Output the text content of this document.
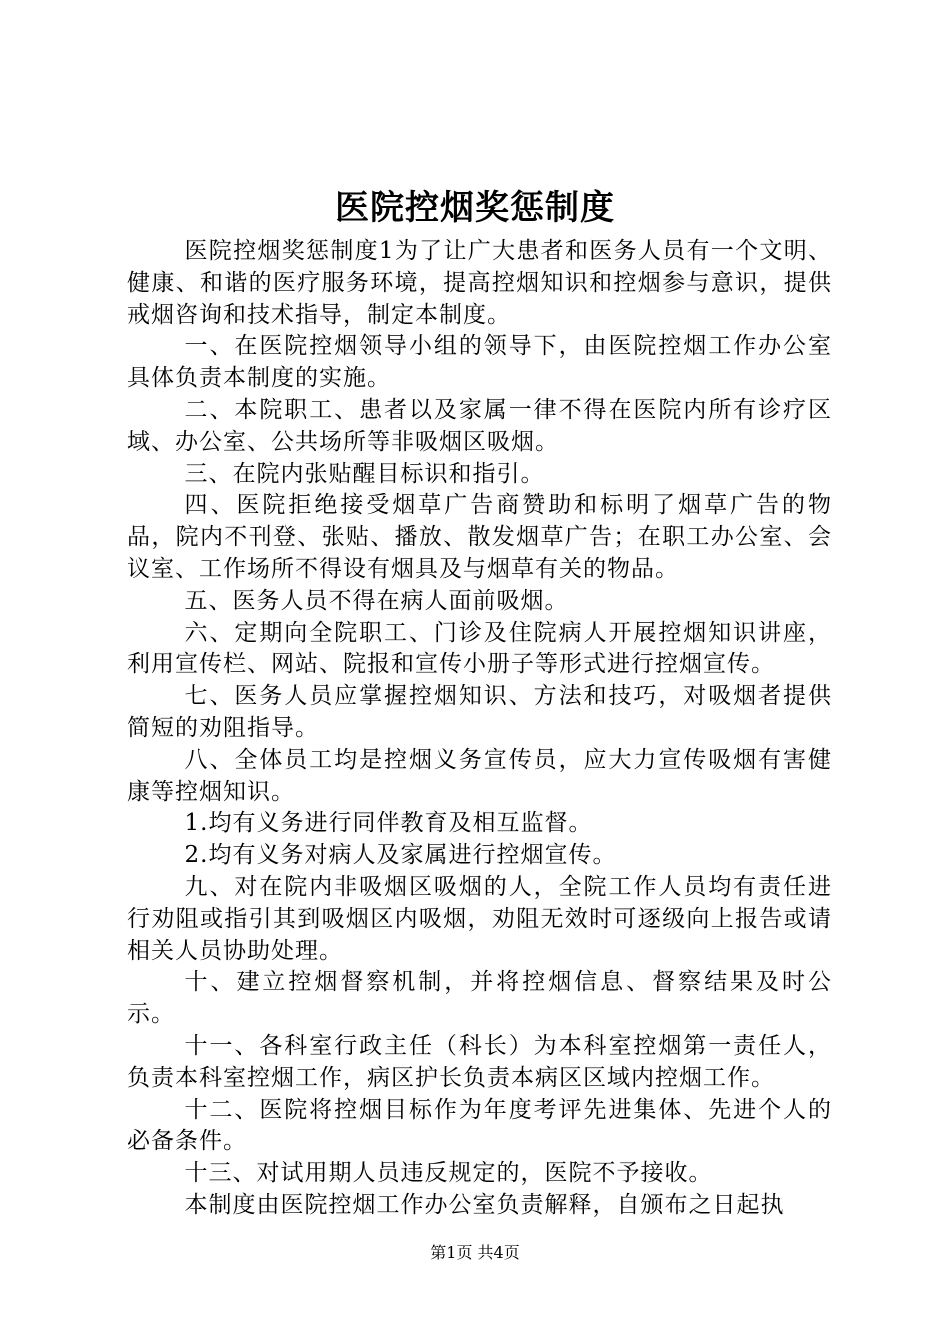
医院控烟奖惩制度

医院控烟奖惩制度1为了让广大患者和医务人员有一个文明、健康、和谐的医疗服务环境，提高控烟知识和控烟参与意识，提供戒烟咨询和技术指导，制定本制度。

一、在医院控烟领导小组的领导下，由医院控烟工作办公室具体负责本制度的实施。

二、本院职工、患者以及家属一律不得在医院内所有诊疗区域、办公室、公共场所等非吸烟区吸烟。

三、在院内张贴醒目标识和指引。

四、医院拒绝接受烟草广告商赞助和标明了烟草广告的物品，院内不刊登、张贴、播放、散发烟草广告；在职工办公室、会议室、工作场所不得设有烟具及与烟草有关的物品。

五、医务人员不得在病人面前吸烟。

六、定期向全院职工、门诊及住院病人开展控烟知识讲座，利用宣传栏、网站、院报和宣传小册子等形式进行控烟宣传。

七、医务人员应掌握控烟知识、方法和技巧，对吸烟者提供简短的劝阻指导。

八、全体员工均是控烟义务宣传员，应大力宣传吸烟有害健康等控烟知识。

1.均有义务进行同伴教育及相互监督。

2.均有义务对病人及家属进行控烟宣传。

九、对在院内非吸烟区吸烟的人，全院工作人员均有责任进行劝阻或指引其到吸烟区内吸烟，劝阻无效时可逐级向上报告或请相关人员协助处理。

十、建立控烟督察机制，并将控烟信息、督察结果及时公示。

十一、各科室行政主任（科长）为本科室控烟第一责任人，负责本科室控烟工作，病区护长负责本病区区域内控烟工作。

十二、医院将控烟目标作为年度考评先进集体、先进个人的必备条件。

十三、对试用期人员违反规定的，医院不予接收。

本制度由医院控烟工作办公室负责解释，自颁布之日起执

第1页 共4页
